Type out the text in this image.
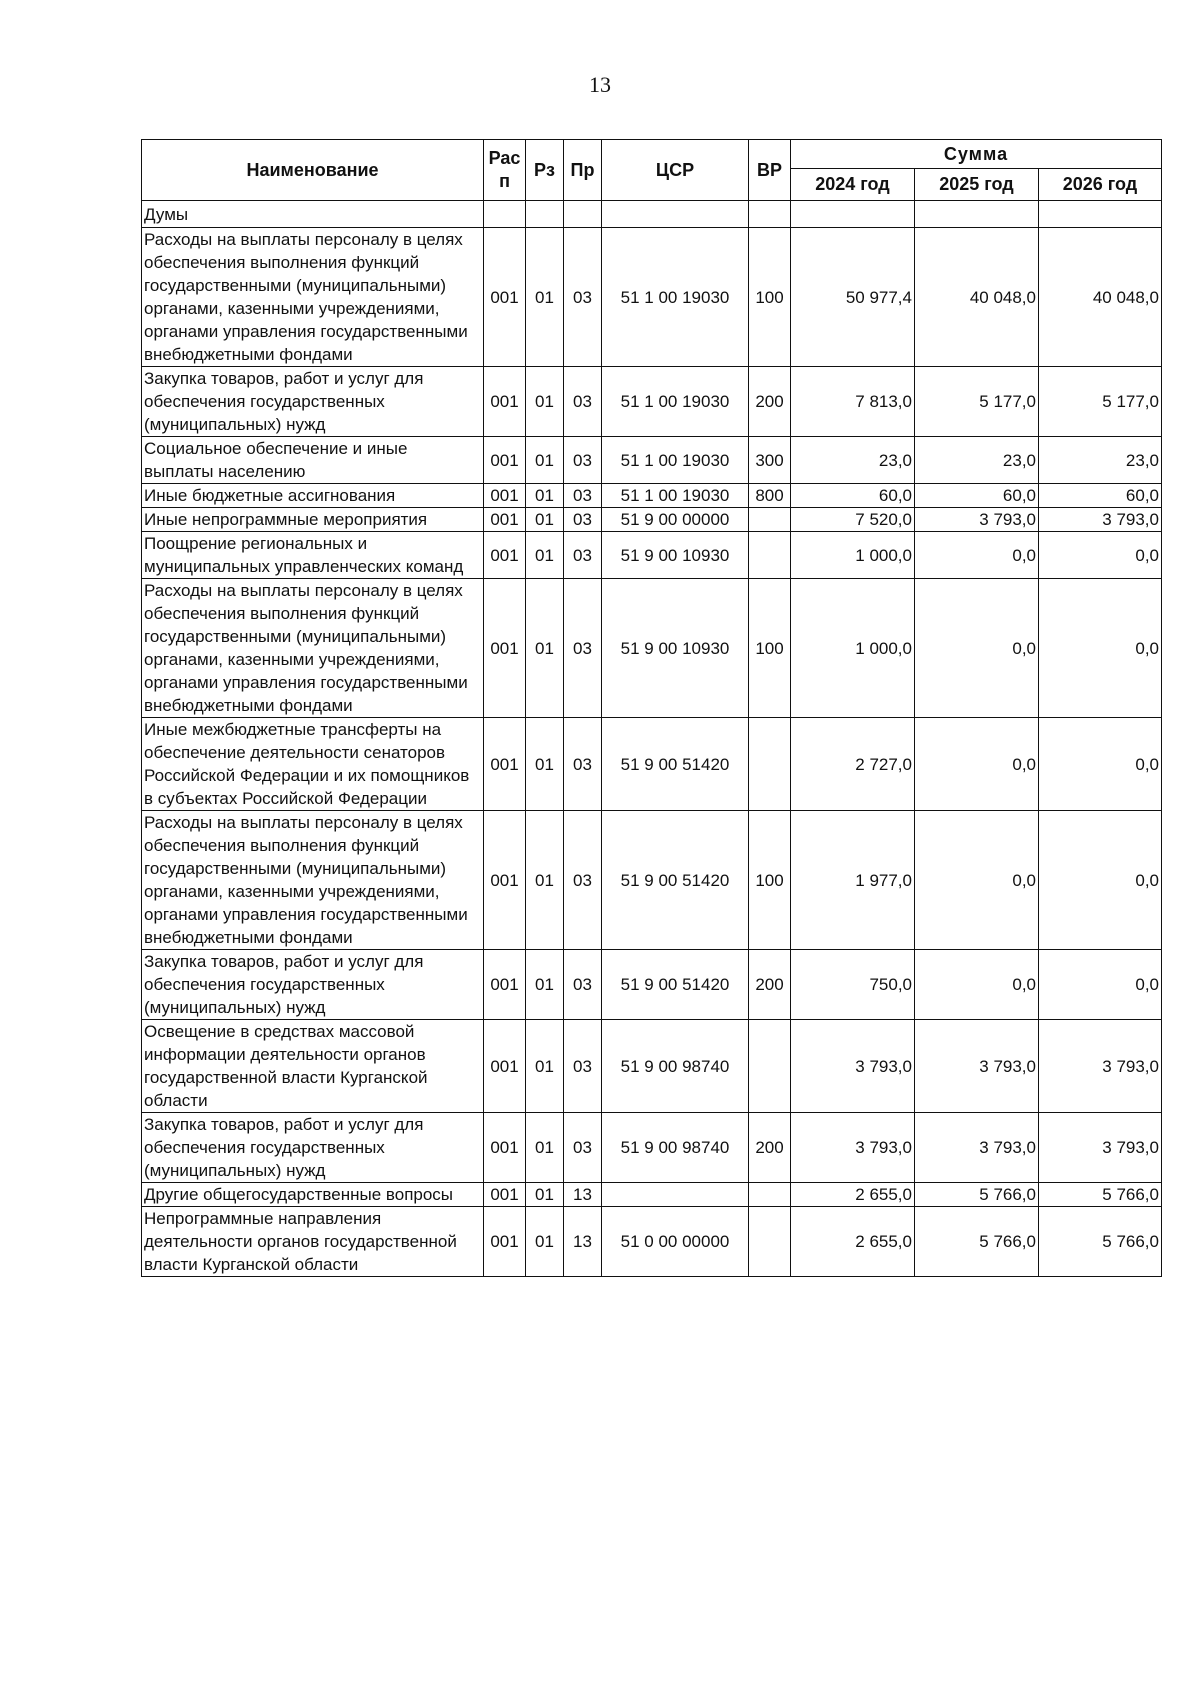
13
Наименование	Рас п	Рз	Пр	ЦСР	ВР	Сумма		
						2024 год	2025 год	2026 год
Думы								
Расходы на выплаты персоналу в целях обеспечения выполнения функций государственными (муниципальными) органами, казенными учреждениями, органами управления государственными внебюджетными фондами	001	01	03	51 1 00 19030	100	50 977,4	40 048,0	40 048,0
Закупка товаров, работ и услуг для обеспечения государственных (муниципальных) нужд	001	01	03	51 1 00 19030	200	7 813,0	5 177,0	5 177,0
Социальное обеспечение и иные выплаты населению	001	01	03	51 1 00 19030	300	23,0	23,0	23,0
Иные бюджетные ассигнования	001	01	03	51 1 00 19030	800	60,0	60,0	60,0
Иные непрограммные мероприятия	001	01	03	51 9 00 00000		7 520,0	3 793,0	3 793,0
Поощрение региональных и муниципальных управленческих команд	001	01	03	51 9 00 10930		1 000,0	0,0	0,0
Расходы на выплаты персоналу в целях обеспечения выполнения функций государственными (муниципальными) органами, казенными учреждениями, органами управления государственными внебюджетными фондами	001	01	03	51 9 00 10930	100	1 000,0	0,0	0,0
Иные межбюджетные трансферты на обеспечение деятельности сенаторов Российской Федерации и их помощников в субъектах Российской Федерации	001	01	03	51 9 00 51420		2 727,0	0,0	0,0
Расходы на выплаты персоналу в целях обеспечения выполнения функций государственными (муниципальными) органами, казенными учреждениями, органами управления государственными внебюджетными фондами	001	01	03	51 9 00 51420	100	1 977,0	0,0	0,0
Закупка товаров, работ и услуг для обеспечения государственных (муниципальных) нужд	001	01	03	51 9 00 51420	200	750,0	0,0	0,0
Освещение в средствах массовой информации деятельности органов государственной власти Курганской области	001	01	03	51 9 00 98740		3 793,0	3 793,0	3 793,0
Закупка товаров, работ и услуг для обеспечения государственных (муниципальных) нужд	001	01	03	51 9 00 98740	200	3 793,0	3 793,0	3 793,0
Другие общегосударственные вопросы	001	01	13			2 655,0	5 766,0	5 766,0
Непрограммные направления деятельности органов государственной власти Курганской области	001	01	13	51 0 00 00000		2 655,0	5 766,0	5 766,0
